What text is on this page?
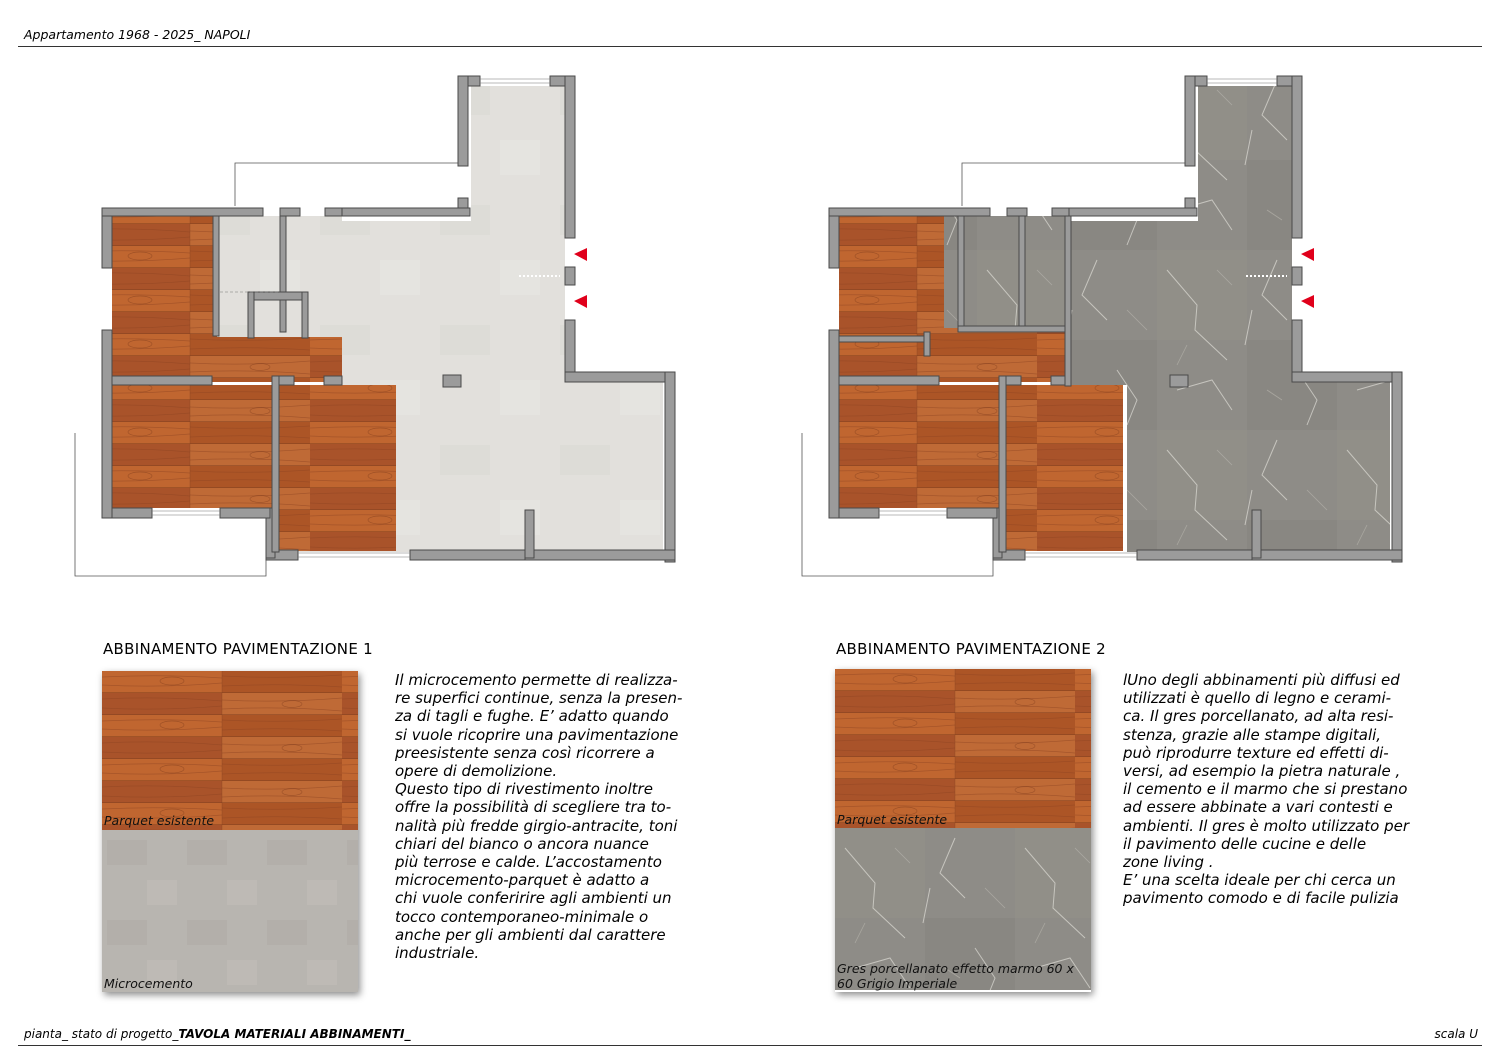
Appartamento 1968 - 2025_ NAPOLI
ABBINAMENTO PAVIMENTAZIONE 1
Parquet esistente
Microcemento

Il microcemento permette di realizza-
re superfici continue, senza la presen-
za di tagli e fughe. E’ adatto quando
si vuole ricoprire una pavimentazione
preesistente senza così ricorrere a
opere di demolizione.

Questo tipo di rivestimento inoltre
offre la possibilità di scegliere tra to-
nalità più fredde girgio-antracite, toni
chiari del bianco o ancora nuance
più terrose e calde. L’accostamento
microcemento-parquet è adatto a
chi vuole conferirire agli ambienti un
tocco contemporaneo-minimale o
anche per gli ambienti dal carattere
industriale.

ABBINAMENTO PAVIMENTAZIONE 2
Parquet esistente
Gres porcellanato effetto marmo 60 x
60 Grigio Imperiale

lUno degli abbinamenti più diffusi ed
utilizzati è quello di legno e cerami-
ca. Il gres porcellanato, ad alta resi-
stenza, grazie alle stampe digitali,
può riprodurre texture ed effetti di-
versi, ad esempio la pietra naturale ,
il cemento e il marmo che si prestano
ad essere abbinate a vari contesti e
ambienti. Il gres è molto utilizzato per
il pavimento delle cucine e delle
zone living .

E’ una scelta ideale per chi cerca un
pavimento comodo e di facile pulizia

pianta_ stato di progetto_TAVOLA MATERIALI ABBINAMENTI_	scala U
